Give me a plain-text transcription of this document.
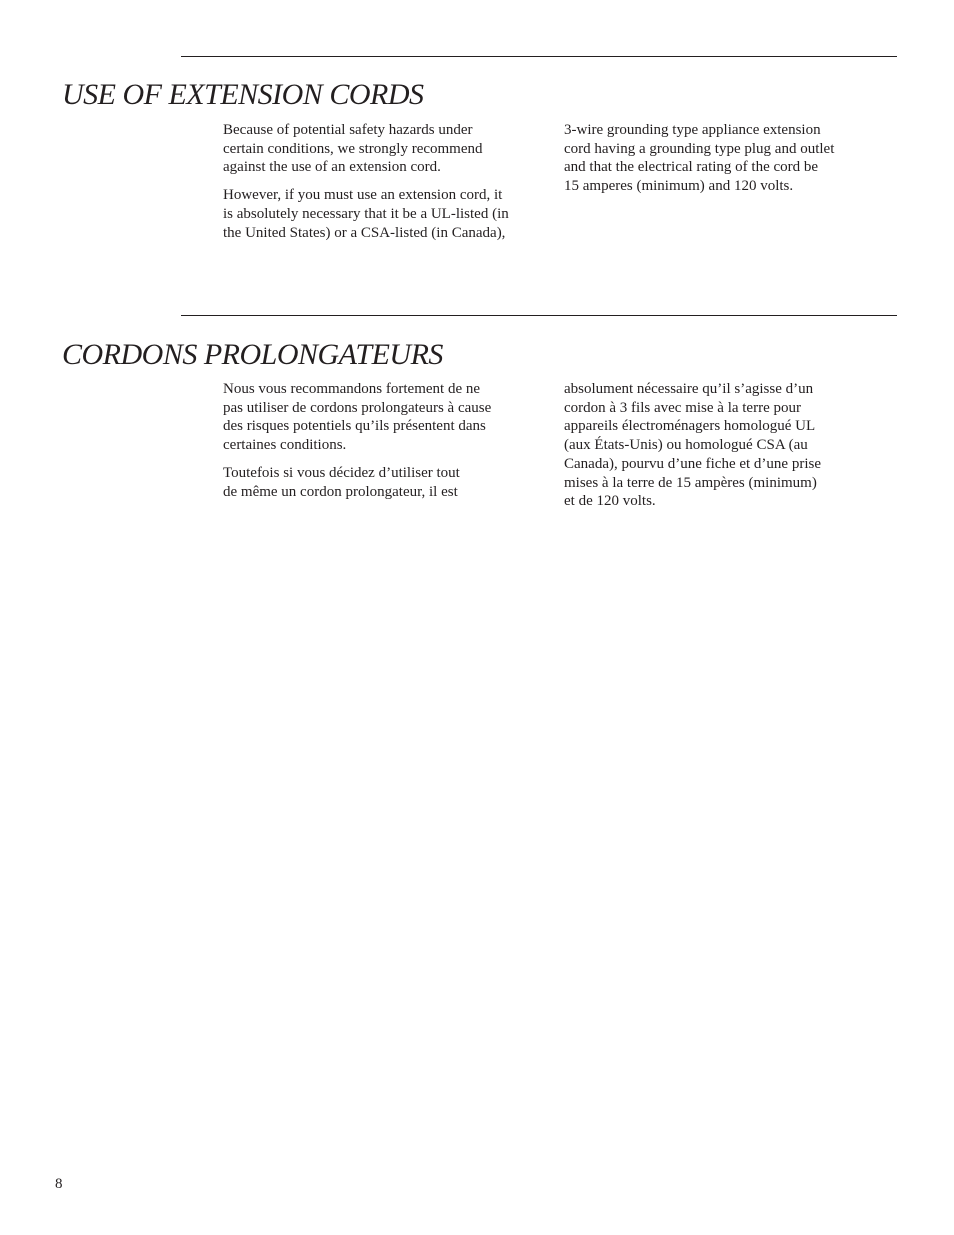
USE OF EXTENSION CORDS

Because of potential safety hazards under
certain conditions, we strongly recommend
against the use of an extension cord.

However, if you must use an extension cord, it
is absolutely necessary that it be a UL-listed (in
the United States) or a CSA-listed (in Canada),

3-wire grounding type appliance extension
cord having a grounding type plug and outlet
and that the electrical rating of the cord be
15 amperes (minimum) and 120 volts.

CORDONS PROLONGATEURS

Nous vous recommandons fortement de ne
pas utiliser de cordons prolongateurs à cause
des risques potentiels qu’ils présentent dans
certaines conditions.

Toutefois si vous décidez d’utiliser tout
de même un cordon prolongateur, il est

absolument nécessaire qu’il s’agisse d’un
cordon à 3 fils avec mise à la terre pour
appareils électroménagers homologué UL
(aux États-Unis) ou homologué CSA (au
Canada), pourvu d’une fiche et d’une prise
mises à la terre de 15 ampères (minimum)
et de 120 volts.

8
